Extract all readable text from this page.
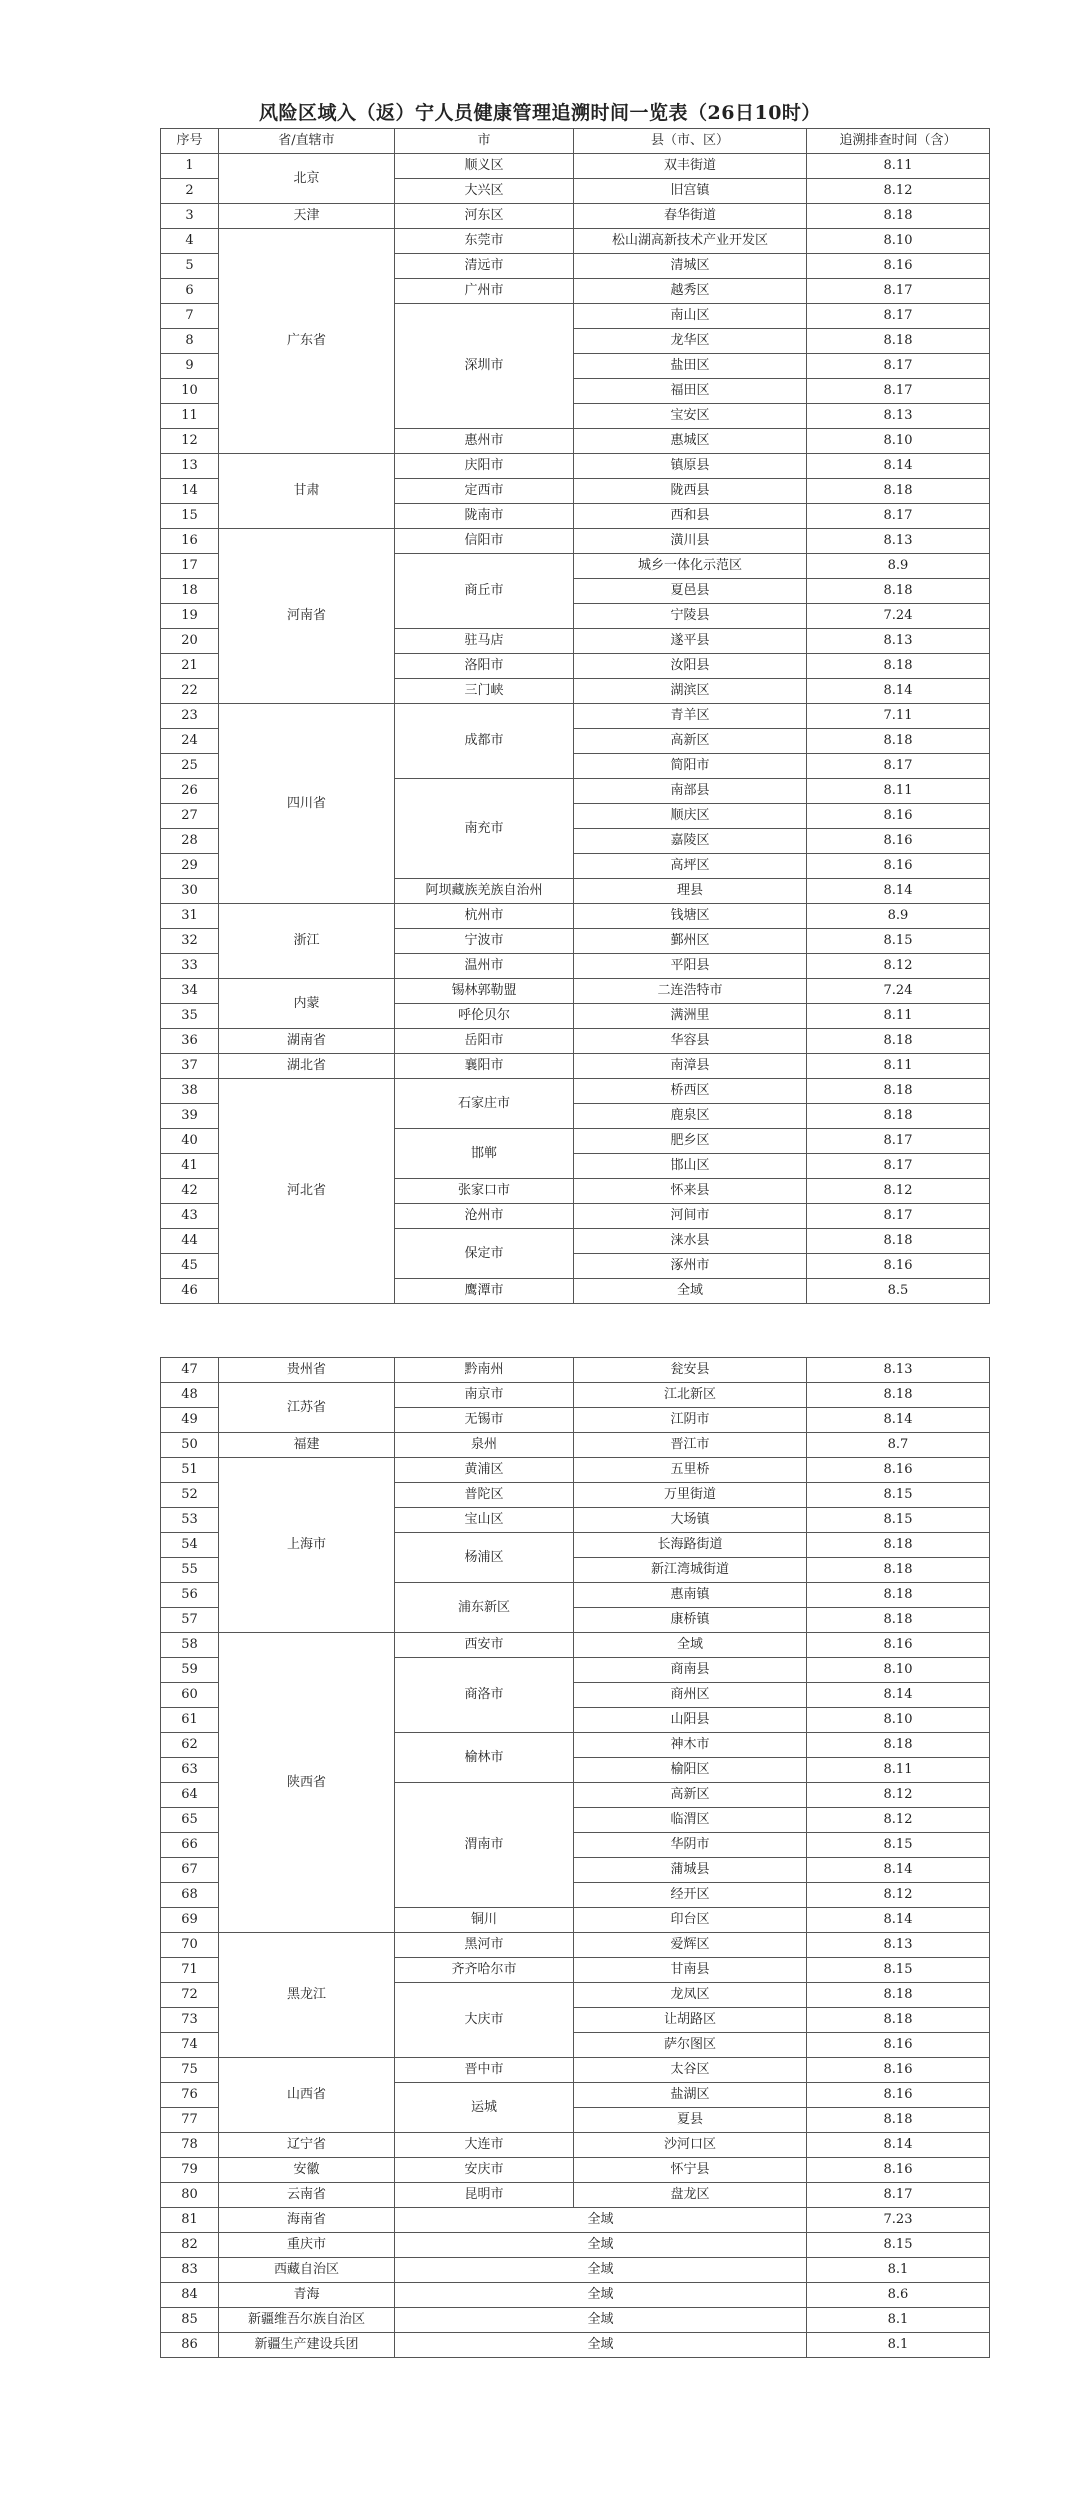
风险区域入（返）宁人员健康管理追溯时间一览表（26日10时）
序号	省/直辖市	市	县（市、区）	追溯排查时间（含）
1	北京	顺义区	双丰街道	8.11
2		大兴区	旧宫镇	8.12
3	天津	河东区	春华街道	8.18
4	广东省	东莞市	松山湖高新技术产业开发区	8.10
5		清远市	清城区	8.16
6		广州市	越秀区	8.17
7		深圳市	南山区	8.17
8			龙华区	8.18
9			盐田区	8.17
10			福田区	8.17
11			宝安区	8.13
12		惠州市	惠城区	8.10
13	甘肃	庆阳市	镇原县	8.14
14		定西市	陇西县	8.18
15		陇南市	西和县	8.17
16	河南省	信阳市	潢川县	8.13
17		商丘市	城乡一体化示范区	8.9
18			夏邑县	8.18
19			宁陵县	7.24
20		驻马店	遂平县	8.13
21		洛阳市	汝阳县	8.18
22		三门峡	湖滨区	8.14
23	四川省	成都市	青羊区	7.11
24			高新区	8.18
25			简阳市	8.17
26		南充市	南部县	8.11
27			顺庆区	8.16
28			嘉陵区	8.16
29			高坪区	8.16
30		阿坝藏族羌族自治州	理县	8.14
31	浙江	杭州市	钱塘区	8.9
32		宁波市	鄞州区	8.15
33		温州市	平阳县	8.12
34	内蒙	锡林郭勒盟	二连浩特市	7.24
35		呼伦贝尔	满洲里	8.11
36	湖南省	岳阳市	华容县	8.18
37	湖北省	襄阳市	南漳县	8.11
38	河北省	石家庄市	桥西区	8.18
39			鹿泉区	8.18
40		邯郸	肥乡区	8.17
41			邯山区	8.17
42		张家口市	怀来县	8.12
43		沧州市	河间市	8.17
44		保定市	涞水县	8.18
45			涿州市	8.16
46		鹰潭市	全域	8.5
47	贵州省	黔南州	瓮安县	8.13
48	江苏省	南京市	江北新区	8.18
49		无锡市	江阴市	8.14
50	福建	泉州	晋江市	8.7
51	上海市	黄浦区	五里桥	8.16
52		普陀区	万里街道	8.15
53		宝山区	大场镇	8.15
54		杨浦区	长海路街道	8.18
55			新江湾城街道	8.18
56		浦东新区	惠南镇	8.18
57			康桥镇	8.18
58	陕西省	西安市	全域	8.16
59		商洛市	商南县	8.10
60			商州区	8.14
61			山阳县	8.10
62		榆林市	神木市	8.18
63			榆阳区	8.11
64		渭南市	高新区	8.12
65			临渭区	8.12
66			华阴市	8.15
67			蒲城县	8.14
68			经开区	8.12
69		铜川	印台区	8.14
70	黑龙江	黑河市	爱辉区	8.13
71		齐齐哈尔市	甘南县	8.15
72		大庆市	龙凤区	8.18
73			让胡路区	8.18
74			萨尔图区	8.16
75	山西省	晋中市	太谷区	8.16
76		运城	盐湖区	8.16
77			夏县	8.18
78	辽宁省	大连市	沙河口区	8.14
79	安徽	安庆市	怀宁县	8.16
80	云南省	昆明市	盘龙区	8.17
81	海南省	全域		7.23
82	重庆市	全域		8.15
83	西藏自治区	全域		8.1
84	青海	全域		8.6
85	新疆维吾尔族自治区	全域		8.1
86	新疆生产建设兵团	全域		8.1
